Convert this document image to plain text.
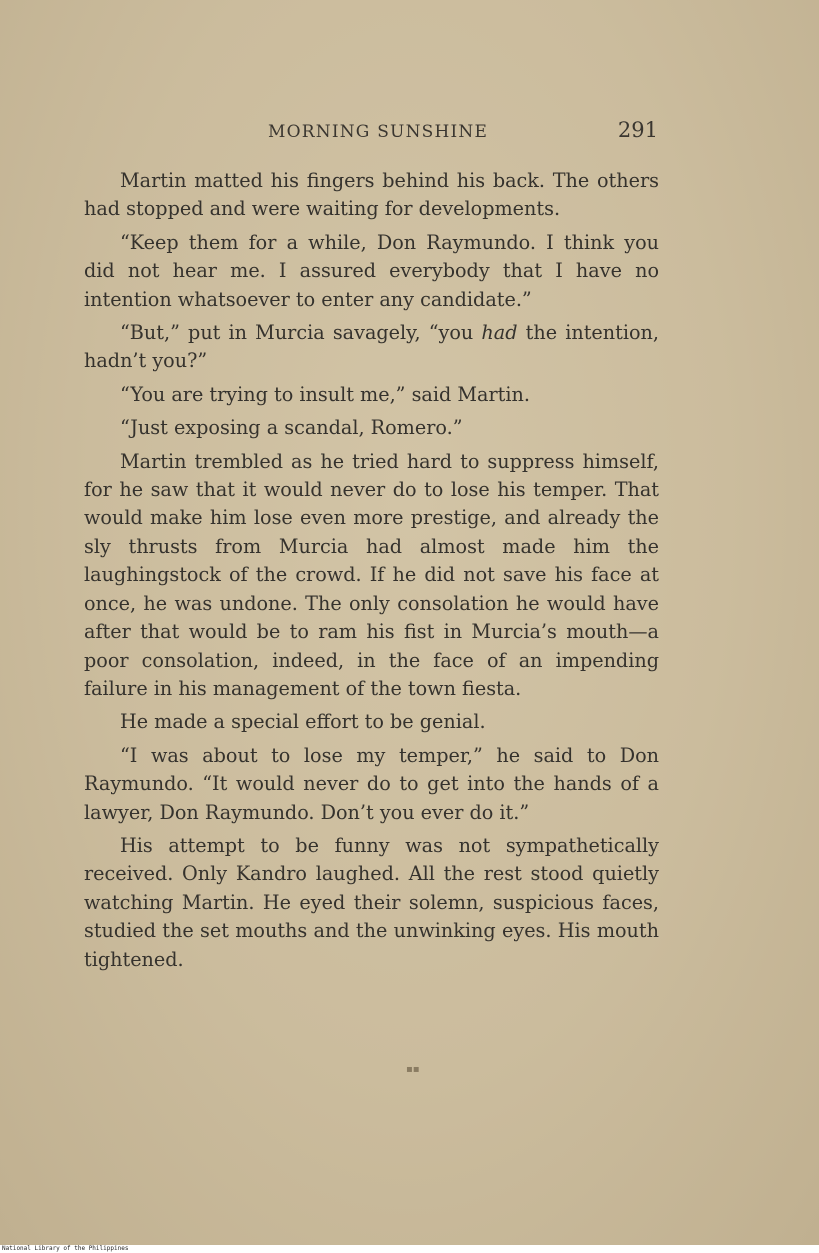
MORNING SUNSHINE	291

Martin matted his fingers behind his back. The others had stopped and were waiting for developments.

“Keep them for a while, Don Raymundo. I think you did not hear me. I assured everybody that I have no intention whatsoever to enter any candidate.”

“But,” put in Murcia savagely, “you had the intention, hadn’t you?”

“You are trying to insult me,” said Martin.

“Just exposing a scandal, Romero.”

Martin trembled as he tried hard to suppress himself, for he saw that it would never do to lose his temper. That would make him lose even more prestige, and already the sly thrusts from Murcia had almost made him the laughingstock of the crowd. If he did not save his face at once, he was undone. The only consolation he would have after that would be to ram his fist in Murcia’s mouth—a poor consolation, indeed, in the face of an impending failure in his management of the town fiesta.

He made a special effort to be genial.

“I was about to lose my temper,” he said to Don Raymundo. “It would never do to get into the hands of a lawyer, Don Raymundo. Don’t you ever do it.”

His attempt to be funny was not sympathetically received. Only Kandro laughed. All the rest stood quietly watching Martin. He eyed their solemn, suspicious faces, studied the set mouths and the unwinking eyes. His mouth tightened.

▪▪
National Library of the Philippines
